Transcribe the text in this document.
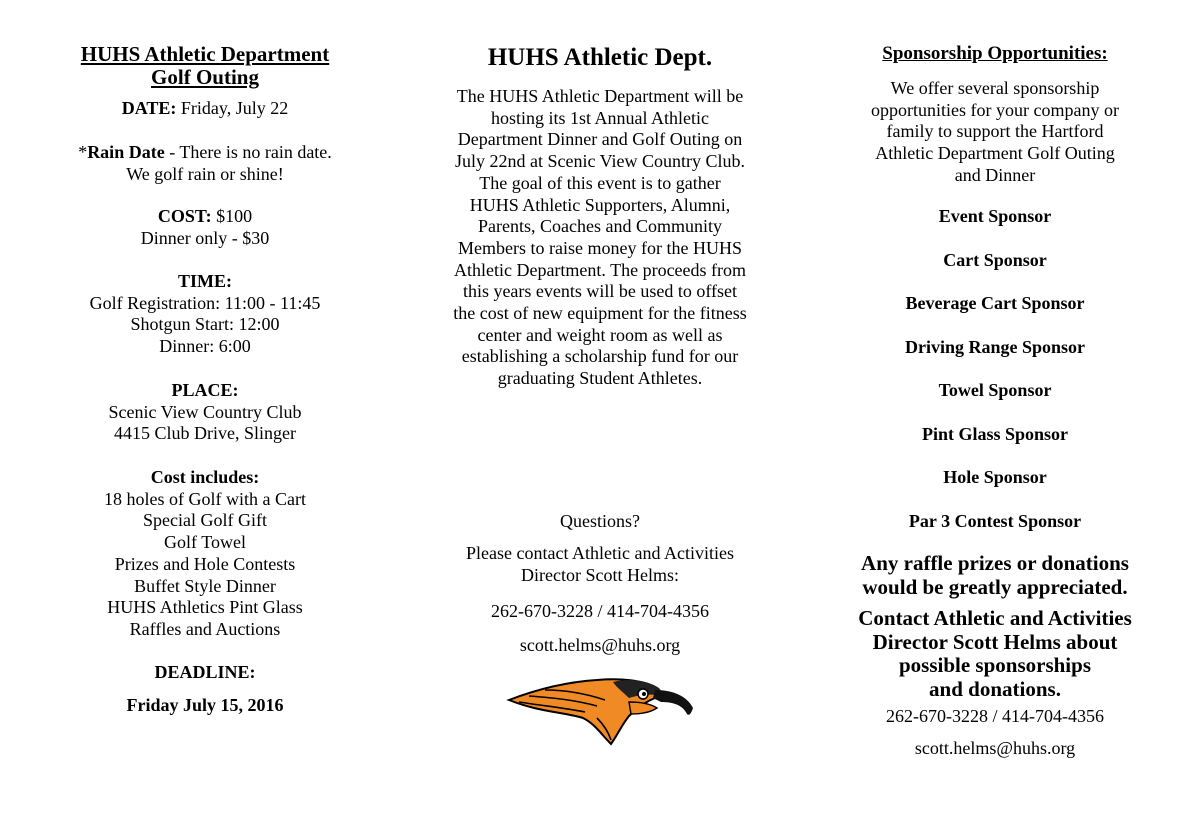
HUHS Athletic Department
Golf Outing
DATE: Friday, July 22
*Rain Date - There is no rain date.
We golf rain or shine!
COST: $100
Dinner only - $30
TIME:
Golf Registration: 11:00 - 11:45
Shotgun Start: 12:00
Dinner: 6:00
PLACE:
Scenic View Country Club
4415 Club Drive, Slinger
Cost includes:
18 holes of Golf with a Cart
Special Golf Gift
Golf Towel
Prizes and Hole Contests
Buffet Style Dinner
HUHS Athletics Pint Glass
Raffles and Auctions
DEADLINE:
Friday July 15, 2016
HUHS Athletic Dept.
The HUHS Athletic Department will be
hosting its 1st Annual Athletic
Department Dinner and Golf Outing on
July 22nd at Scenic View Country Club.
The goal of this event is to gather
HUHS Athletic Supporters, Alumni,
Parents, Coaches and Community
Members to raise money for the HUHS
Athletic Department. The proceeds from
this years events will be used to offset
the cost of new equipment for the fitness
center and weight room as well as
establishing a scholarship fund for our
graduating Student Athletes.
Questions?
Please contact Athletic and Activities
Director Scott Helms:
262-670-3228 / 414-704-4356
scott.helms@huhs.org
Sponsorship Opportunities:
We offer several sponsorship
opportunities for your company or
family to support the Hartford
Athletic Department Golf Outing
and Dinner
Event Sponsor
Cart Sponsor
Beverage Cart Sponsor
Driving Range Sponsor
Towel Sponsor
Pint Glass Sponsor
Hole Sponsor
Par 3 Contest Sponsor
Any raffle prizes or donations
would be greatly appreciated.
Contact Athletic and Activities
Director Scott Helms about
possible sponsorships
and donations.
262-670-3228 / 414-704-4356
scott.helms@huhs.org
